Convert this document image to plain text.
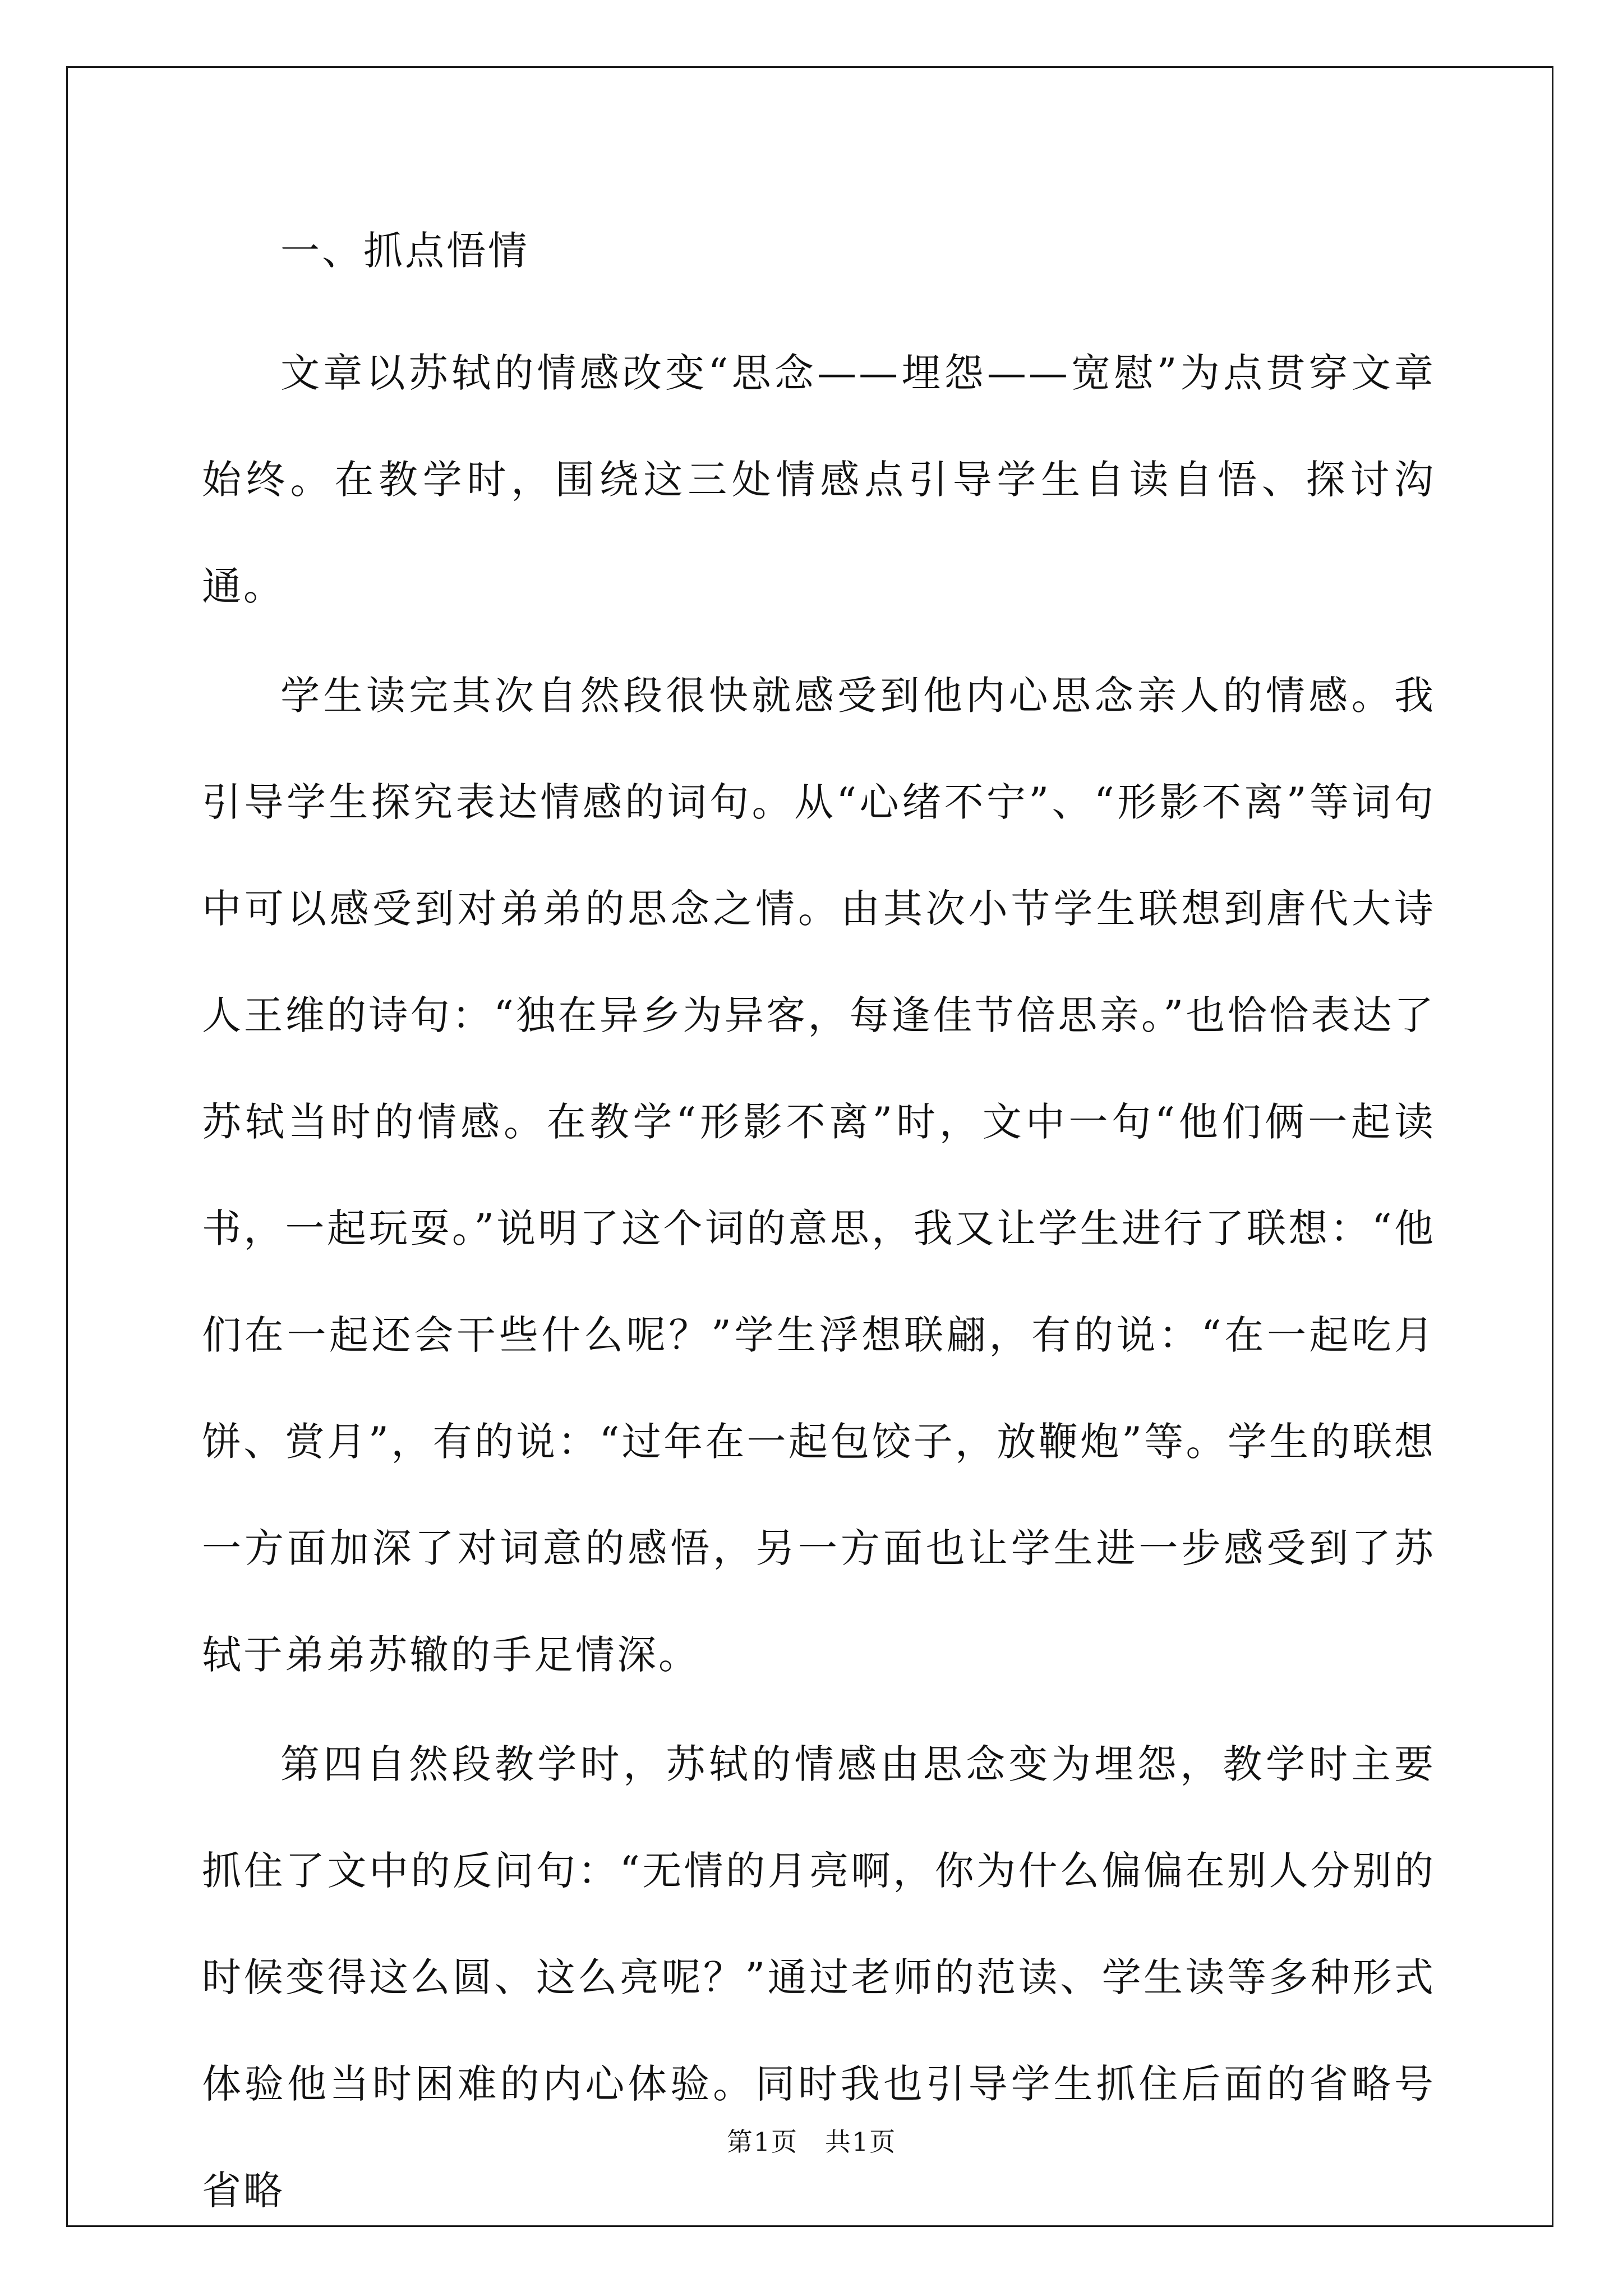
一、抓点悟情

文章以苏轼的情感改变“思念——埋怨——宽慰”为点贯穿文章始终。在教学时，围绕这三处情感点引导学生自读自悟、探讨沟通。

学生读完其次自然段很快就感受到他内心思念亲人的情感。我引导学生探究表达情感的词句。从“心绪不宁”、“形影不离”等词句中可以感受到对弟弟的思念之情。由其次小节学生联想到唐代大诗人王维的诗句：“独在异乡为异客，每逢佳节倍思亲。”也恰恰表达了苏轼当时的情感。在教学“形影不离”时，文中一句“他们俩一起读书，一起玩耍。”说明了这个词的意思，我又让学生进行了联想：“他们在一起还会干些什么呢？”学生浮想联翩，有的说：“在一起吃月饼、赏月”，有的说：“过年在一起包饺子，放鞭炮”等。学生的联想一方面加深了对词意的感悟，另一方面也让学生进一步感受到了苏轼于弟弟苏辙的手足情深。

第四自然段教学时，苏轼的情感由思念变为埋怨，教学时主要抓住了文中的反问句：“无情的月亮啊，你为什么偏偏在别人分别的时候变得这么圆、这么亮呢？”通过老师的范读、学生读等多种形式体验他当时困难的内心体验。同时我也引导学生抓住后面的省略号省略

第1页　共1页
